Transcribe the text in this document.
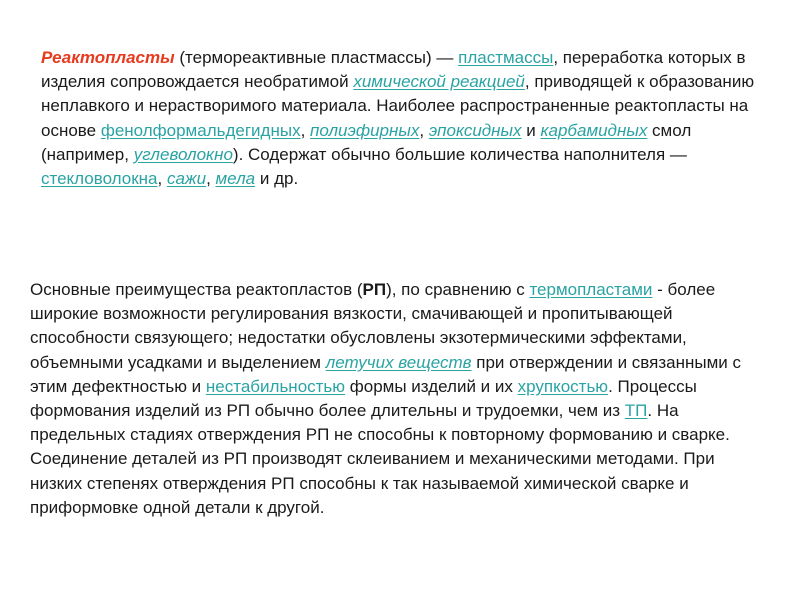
Реактопласты (термореактивные пластмассы) — пластмассы, переработка которых в изделия сопровождается необратимой химической реакцией, приводящей к образованию неплавкого и нерастворимого материала. Наиболее распространенные реактопласты на основе фенолформальдегидных, полиэфирных, эпоксидных и карбамидных смол (например, углеволокно). Содержат обычно большие количества наполнителя — стекловолокна, сажи, мела и др.

Основные преимущества реактопластов (РП), по сравнению с термопластами - более широкие возможности регулирования вязкости, смачивающей и пропитывающей способности связующего; недостатки обусловлены экзотермическими эффектами, объемными усадками и выделением летучих веществ при отверждении и связанными с этим дефектностью и нестабильностью формы изделий и их хрупкостью. Процессы формования изделий из РП обычно более длительны и трудоемки, чем из ТП. На предельных стадиях отверждения РП не способны к повторному формованию и сварке. Соединение деталей из РП производят склеиванием и механическими методами. При низких степенях отверждения РП способны к так называемой химической сварке и приформовке одной детали к другой.
